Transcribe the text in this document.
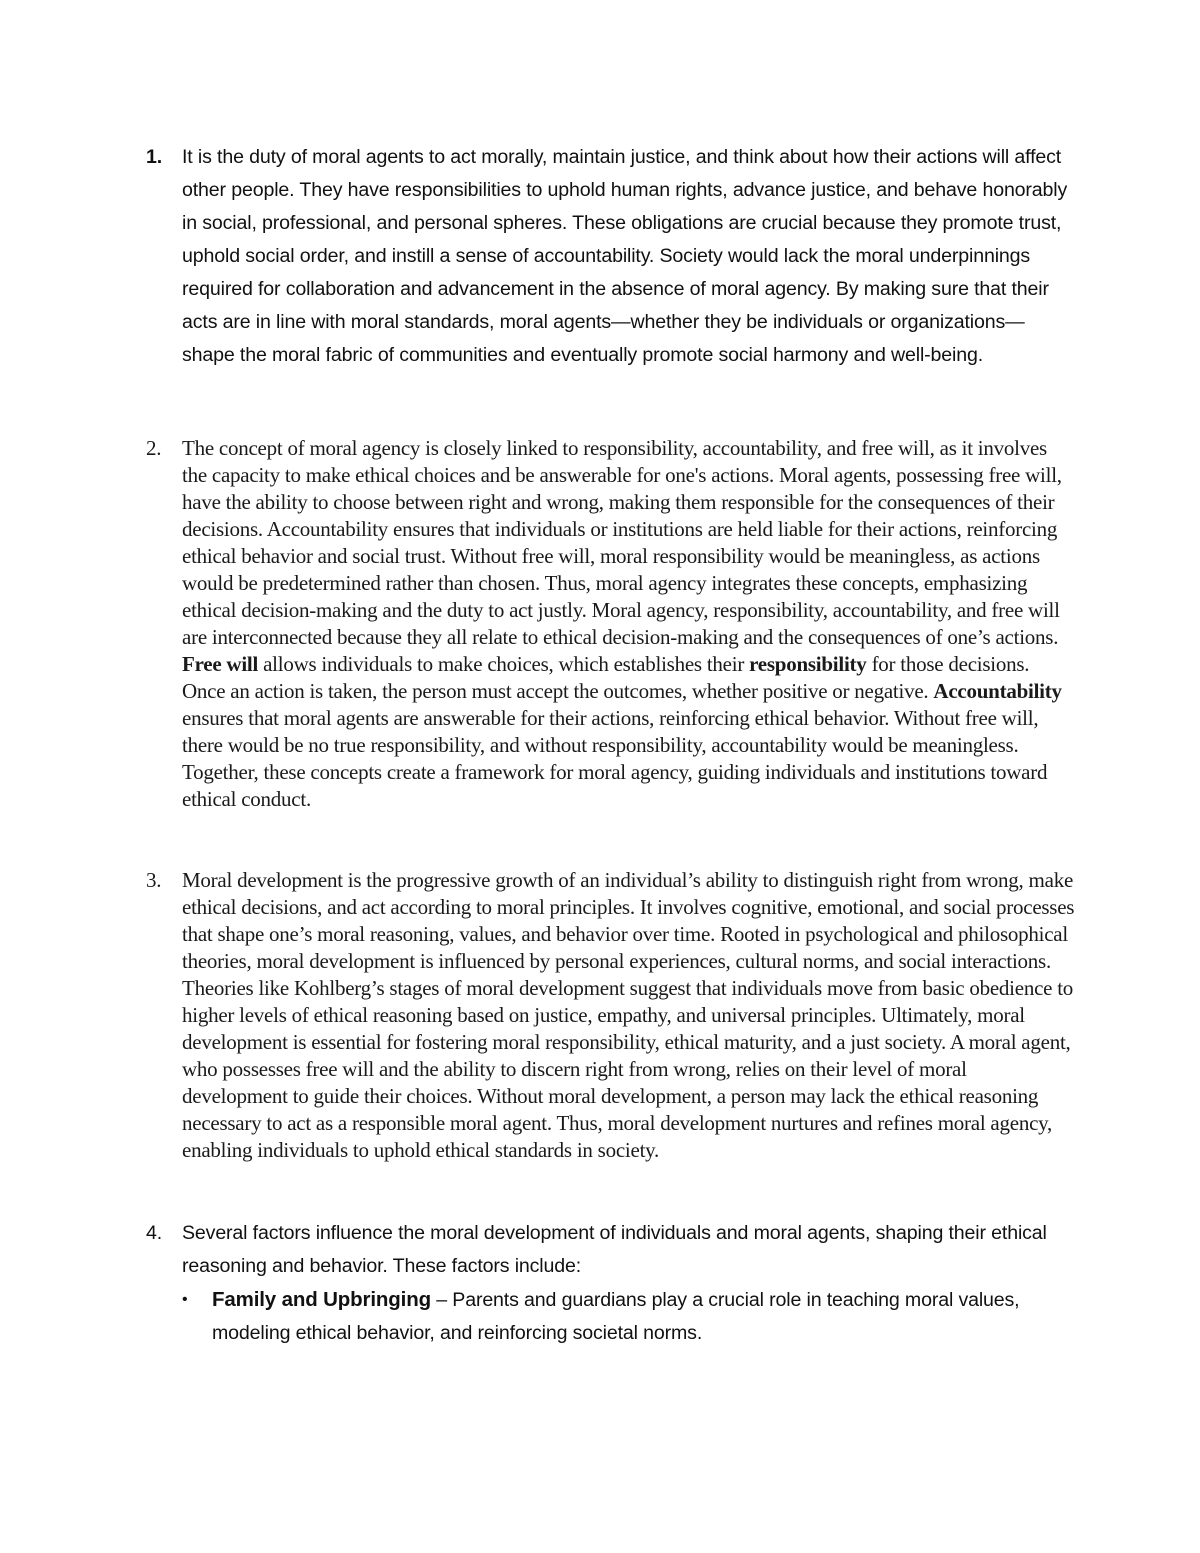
1.	It is the duty of moral agents to act morally, maintain justice, and think about how their actions will affect other people. They have responsibilities to uphold human rights, advance justice, and behave honorably in social, professional, and personal spheres. These obligations are crucial because they promote trust, uphold social order, and instill a sense of accountability. Society would lack the moral underpinnings required for collaboration and advancement in the absence of moral agency. By making sure that their acts are in line with moral standards, moral agents—whether they be individuals or organizations—shape the moral fabric of communities and eventually promote social harmony and well-being.
2. The concept of moral agency is closely linked to responsibility, accountability, and free will, as it involves the capacity to make ethical choices and be answerable for one's actions. Moral agents, possessing free will, have the ability to choose between right and wrong, making them responsible for the consequences of their decisions. Accountability ensures that individuals or institutions are held liable for their actions, reinforcing ethical behavior and social trust. Without free will, moral responsibility would be meaningless, as actions would be predetermined rather than chosen. Thus, moral agency integrates these concepts, emphasizing ethical decision-making and the duty to act justly. Moral agency, responsibility, accountability, and free will are interconnected because they all relate to ethical decision-making and the consequences of one’s actions. Free will allows individuals to make choices, which establishes their responsibility for those decisions. Once an action is taken, the person must accept the outcomes, whether positive or negative. Accountability ensures that moral agents are answerable for their actions, reinforcing ethical behavior. Without free will, there would be no true responsibility, and without responsibility, accountability would be meaningless. Together, these concepts create a framework for moral agency, guiding individuals and institutions toward ethical conduct.
3. Moral development is the progressive growth of an individual’s ability to distinguish right from wrong, make ethical decisions, and act according to moral principles. It involves cognitive, emotional, and social processes that shape one’s moral reasoning, values, and behavior over time. Rooted in psychological and philosophical theories, moral development is influenced by personal experiences, cultural norms, and social interactions. Theories like Kohlberg’s stages of moral development suggest that individuals move from basic obedience to higher levels of ethical reasoning based on justice, empathy, and universal principles. Ultimately, moral development is essential for fostering moral responsibility, ethical maturity, and a just society. A moral agent, who possesses free will and the ability to discern right from wrong, relies on their level of moral development to guide their choices. Without moral development, a person may lack the ethical reasoning necessary to act as a responsible moral agent. Thus, moral development nurtures and refines moral agency, enabling individuals to uphold ethical standards in society.
4.	Several factors influence the moral development of individuals and moral agents, shaping their ethical reasoning and behavior. These factors include:
•	Family and Upbringing – Parents and guardians play a crucial role in teaching moral values, modeling ethical behavior, and reinforcing societal norms.
